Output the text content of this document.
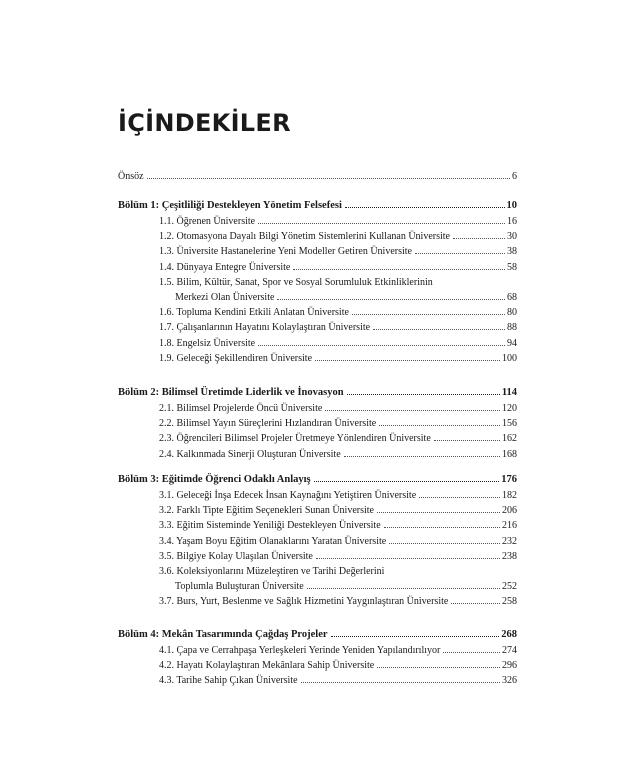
İÇİNDEKİLER
Önsöz	6
Bölüm 1: Çeşitliliği Destekleyen Yönetim Felsefesi	10
1.1. Öğrenen Üniversite	16
1.2. Otomasyona Dayalı Bilgi Yönetim Sistemlerini Kullanan Üniversite	30
1.3. Üniversite Hastanelerine Yeni Modeller Getiren Üniversite	38
1.4. Dünyaya Entegre Üniversite	58
1.5. Bilim, Kültür, Sanat, Spor ve Sosyal Sorumluluk Etkinliklerinin
Merkezi Olan Üniversite	68
1.6. Topluma Kendini Etkili Anlatan Üniversite	80
1.7. Çalışanlarının Hayatını Kolaylaştıran Üniversite	88
1.8. Engelsiz Üniversite	94
1.9. Geleceği Şekillendiren Üniversite	100
Bölüm 2: Bilimsel Üretimde Liderlik ve İnovasyon	114
2.1. Bilimsel Projelerde Öncü Üniversite	120
2.2. Bilimsel Yayın Süreçlerini Hızlandıran Üniversite	156
2.3. Öğrencileri Bilimsel Projeler Üretmeye Yönlendiren Üniversite	162
2.4. Kalkınmada Sinerji Oluşturan Üniversite	168
Bölüm 3: Eğitimde Öğrenci Odaklı Anlayış	176
3.1. Geleceği İnşa Edecek İnsan Kaynağını Yetiştiren Üniversite	182
3.2. Farklı Tipte Eğitim Seçenekleri Sunan Üniversite	206
3.3. Eğitim Sisteminde Yeniliği Destekleyen Üniversite	216
3.4. Yaşam Boyu Eğitim Olanaklarını Yaratan Üniversite	232
3.5. Bilgiye Kolay Ulaşılan Üniversite	238
3.6. Koleksiyonlarını Müzeleştiren ve Tarihi Değerlerini
Toplumla Buluşturan Üniversite	252
3.7. Burs, Yurt, Beslenme ve Sağlık Hizmetini Yaygınlaştıran Üniversite	258
Bölüm 4: Mekân Tasarımında Çağdaş Projeler	268
4.1. Çapa ve Cerrahpaşa Yerleşkeleri Yerinde Yeniden Yapılandırılıyor	274
4.2. Hayatı Kolaylaştıran Mekânlara Sahip Üniversite	296
4.3. Tarihe Sahip Çıkan Üniversite	326
